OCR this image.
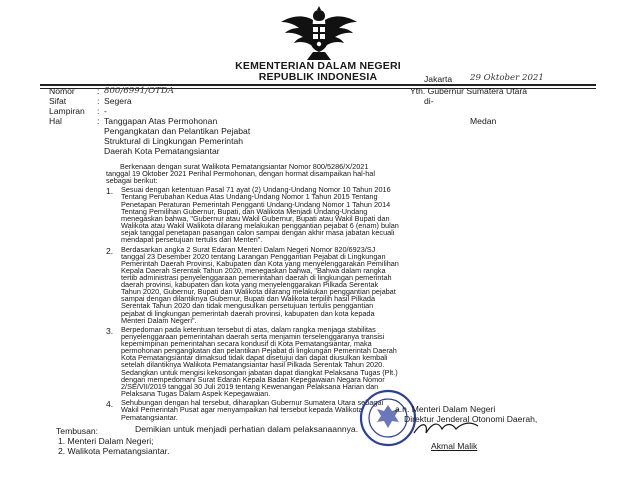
KEMENTERIAN DALAM NEGERI
REPUBLIK INDONESIA
Nomor	: 800/6991/OTDA
Sifat	: Segera
Lampiran : -
Hal	: Tanggapan Atas Permohonan
Pengangkatan dan Pelantikan Pejabat
Struktural di Lingkungan Pemerintah
Daerah Kota Pematangsiantar
Jakarta 29 Oktober 2021
Yth. Gubernur Sumatera Utara
di-
Medan
Berkenaan dengan surat Walikota Pematangsiantar Nomor 800/5286/X/2021
tanggal 19 Oktober 2021 Perihal Permohonan, dengan hormat disampaikan hal-hal
sebagai berikut:
1. Sesuai dengan ketentuan Pasal 71 ayat (2) Undang-Undang Nomor 10 Tahun 2016
Tentang Perubahan Kedua Atas Undang-Undang Nomor 1 Tahun 2015 Tentang
Penetapan Peraturan Pemerintah Pengganti Undang-Undang Nomor 1 Tahun 2014
Tentang Pemilihan Gubernur, Bupati, dan Walikota Menjadi Undang-Undang
menegaskan bahwa, "Gubernur atau Wakil Gubernur, Bupati atau Wakil Bupati dan
Walikota atau Wakil Walikota dilarang melakukan penggantian pejabat 6 (enam) bulan
sejak tanggal penetapan pasangan calon sampai dengan akhir masa jabatan kecuali
mendapat persetujuan tertulis dari Menteri".
2. Berdasarkan angka 2 Surat Edaran Menteri Dalam Negeri Nomor 820/6923/SJ
tanggal 23 Desember 2020 tentang Larangan Penggantian Pejabat di Lingkungan
Pemerintah Daerah Provinsi, Kabupaten dan Kota yang menyelenggarakan Pemilihan
Kepala Daerah Serentak Tahun 2020, menegaskan bahwa, "Bahwa dalam rangka
tertib administrasi penyelenggaraan pemerintahan daerah di lingkungan pemerintah
daerah provinsi, kabupaten dan kota yang menyelenggarakan Pilkada Serentak
Tahun 2020, Gubernur, Bupati dan Walikota dilarang melakukan penggantian pejabat
sampai dengan dilantiknya Gubernur, Bupati dan Walikota terpilih hasil Pilkada
Serentak Tahun 2020 dan tidak mengusulkan persetujuan tertulis penggantian
pejabat di lingkungan pemerintah daerah provinsi, kabupaten dan kota kepada
Menteri Dalam Negeri".
3. Berpedoman pada ketentuan tersebut di atas, dalam rangka menjaga stabilitas
penyelenggaraan pemerintahan daerah serta menjamin terselenggaranya transisi
kepemimpinan pemerintahan secara kondusif di Kota Pematangsiantar, maka
permohonan pengangkatan dan pelantikan Pejabat di lingkungan Pemerintah Daerah
Kota Pematangsiantar dimaksud tidak dapat disetujui dan dapat diusulkan kembali
setelah dilantiknya Walikota Pematangsiantar hasil Pilkada Serentak Tahun 2020.
Sedangkan untuk mengisi kekosongan jabatan dapat diangkat Pelaksana Tugas (Plt.)
dengan mempedomani Surat Edaran Kepala Badan Kepegawaian Negara Nomor
2/SE/VII/2019 tanggal 30 Juli 2019 tentang Kewenangan Pelaksana Harian dan
Pelaksana Tugas Dalam Aspek Kepegawaian.
4. Sehubungan dengan hal tersebut, diharapkan Gubernur Sumatera Utara sebagai
Wakil Pemerintah Pusat agar menyampaikan hal tersebut kepada Walikota
Pematangsiantar.
Demikian untuk menjadi perhatian dalam pelaksanaannya.
a.n. Menteri Dalam Negeri
Direktur Jenderal Otonomi Daerah,
Akmal Malik
Tembusan:
1. Menteri Dalam Negeri;
2. Walikota Pematangsiantar.
